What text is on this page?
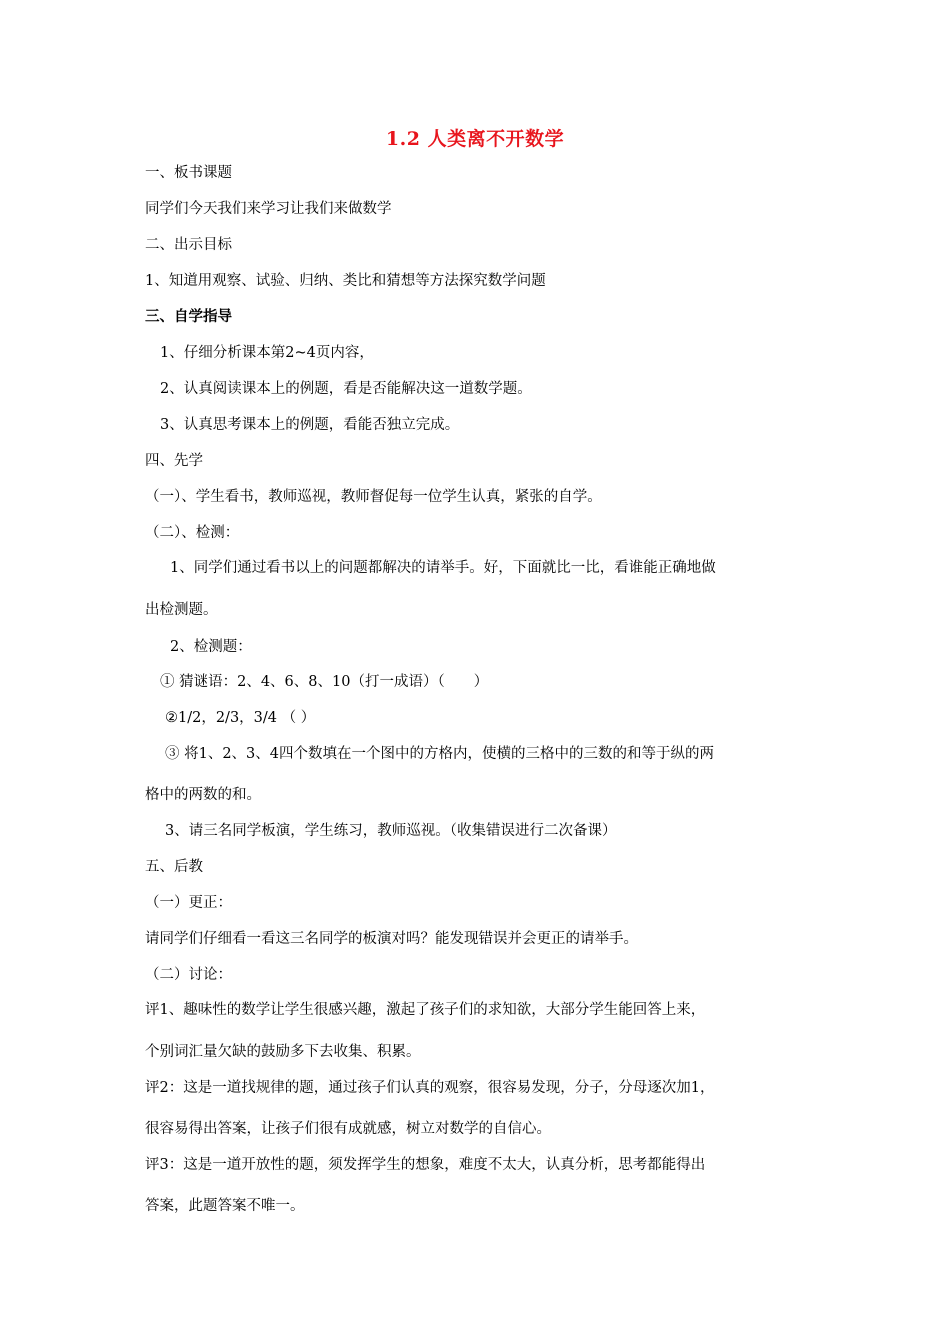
1.2 人类离不开数学
一、板书课题
同学们今天我们来学习让我们来做数学
二、出示目标
1、知道用观察、试验、归纳、类比和猜想等方法探究数学问题
三、自学指导
1、仔细分析课本第2~4页内容，
2、认真阅读课本上的例题，看是否能解决这一道数学题。
3、认真思考课本上的例题，看能否独立完成。
四、先学
（一）、学生看书，教师巡视，教师督促每一位学生认真，紧张的自学。
（二）、检测：
1、同学们通过看书以上的问题都解决的请举手。好，下面就比一比，看谁能正确地做
出检测题。
2、检测题：
① 猜谜语：2、4、6、8、10（打一成语）（　　）
②1/2，2/3，3/4 （ ）
③ 将1、2、3、4四个数填在一个图中的方格内，使横的三格中的三数的和等于纵的两
格中的两数的和。
3、请三名同学板演，学生练习，教师巡视。（收集错误进行二次备课）
五、后教
（一）更正：
请同学们仔细看一看这三名同学的板演对吗？能发现错误并会更正的请举手。
（二）讨论：
评1、趣味性的数学让学生很感兴趣，激起了孩子们的求知欲，大部分学生能回答上来，
个别词汇量欠缺的鼓励多下去收集、积累。
评2：这是一道找规律的题，通过孩子们认真的观察，很容易发现，分子，分母逐次加1，
很容易得出答案，让孩子们很有成就感，树立对数学的自信心。
评3：这是一道开放性的题，须发挥学生的想象，难度不太大，认真分析，思考都能得出
答案，此题答案不唯一。
